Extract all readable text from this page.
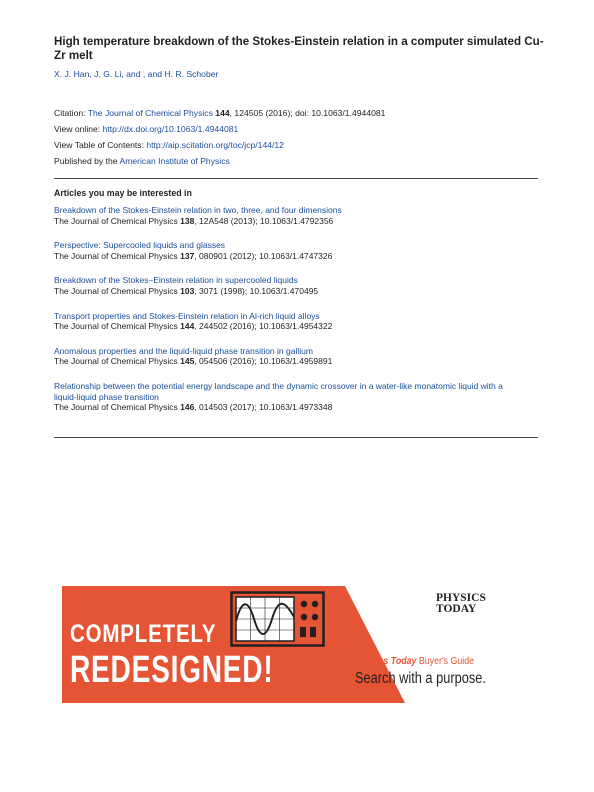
High temperature breakdown of the Stokes-Einstein relation in a computer simulated Cu-Zr melt
X. J. Han, J. G. Li, and , and H. R. Schober
Citation: The Journal of Chemical Physics 144, 124505 (2016); doi: 10.1063/1.4944081
View online: http://dx.doi.org/10.1063/1.4944081
View Table of Contents: http://aip.scitation.org/toc/jcp/144/12
Published by the American Institute of Physics
Articles you may be interested in
Breakdown of the Stokes-Einstein relation in two, three, and four dimensions
The Journal of Chemical Physics 138, 12A548 (2013); 10.1063/1.4792356
Perspective: Supercooled liquids and glasses
The Journal of Chemical Physics 137, 080901 (2012); 10.1063/1.4747326
Breakdown of the Stokes–Einstein relation in supercooled liquids
The Journal of Chemical Physics 103, 3071 (1998); 10.1063/1.470495
Transport properties and Stokes-Einstein relation in Al-rich liquid alloys
The Journal of Chemical Physics 144, 244502 (2016); 10.1063/1.4954322
Anomalous properties and the liquid-liquid phase transition in gallium
The Journal of Chemical Physics 145, 054506 (2016); 10.1063/1.4959891
Relationship between the potential energy landscape and the dynamic crossover in a water-like monatomic liquid with a liquid-liquid phase transition
The Journal of Chemical Physics 146, 014503 (2017); 10.1063/1.4973348
COMPLETELY
REDESIGNED!
PHYSICS
TODAY
Physics Today Buyer's Guide
Search with a purpose.
